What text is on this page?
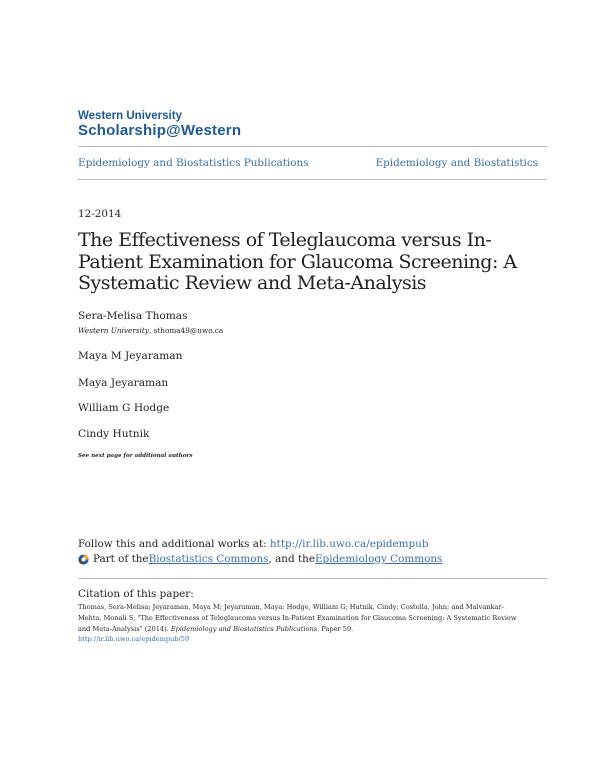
Western University
Scholarship@Western
Epidemiology and Biostatistics Publications	Epidemiology and Biostatistics
12-2014
The Effectiveness of Teleglaucoma versus In-Patient Examination for Glaucoma Screening: A Systematic Review and Meta-Analysis
Sera-Melisa Thomas
Western University, sthoma49@uwo.ca
Maya M Jeyaraman
Maya Jeyaraman
William G Hodge
Cindy Hutnik
See next page for additional authors
Follow this and additional works at: http://ir.lib.uwo.ca/epidempub
Part of the Biostatistics Commons , and the Epidemiology Commons
Citation of this paper:
Thomas, Sera-Melisa; Jeyaraman, Maya M; Jeyaraman, Maya; Hodge, William G; Hutnik, Cindy; Costella, John; and Malvankar-Mehta, Monali S, "The Effectiveness of Teleglaucoma versus In-Patient Examination for Glaucoma Screening: A Systematic Review and Meta-Analysis" (2014). Epidemiology and Biostatistics Publications. Paper 59.
http://ir.lib.uwo.ca/epidempub/59
